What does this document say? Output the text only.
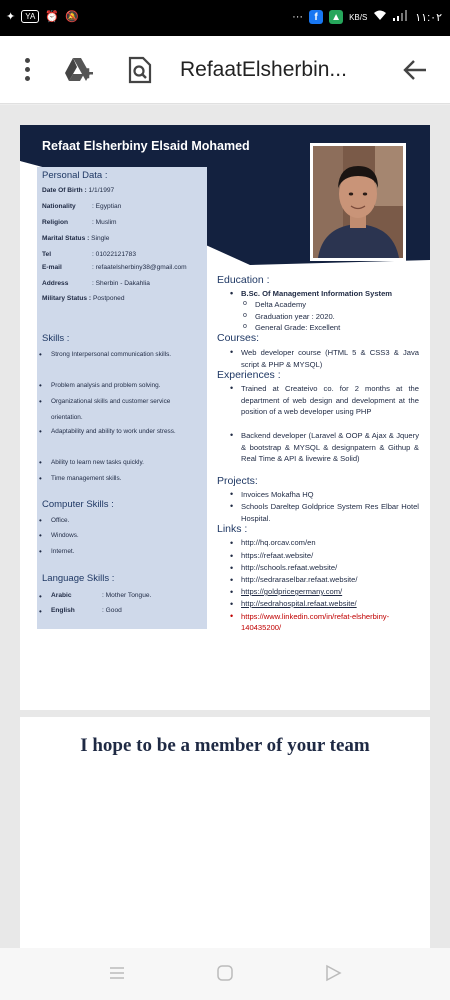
✦	YA ⏰ 🔕	···	f	▲ KB/S	١١:٠٢
RefaatElsherbin...
Refaat Elsherbiny Elsaid Mohamed
Personal Data :
Date Of Birth : 1/1/1997
Nationality : Egyptian
Religion	: Muslim
Marital Status : Single
Tel	: 01022121783
E-mail	: refaatelsherbiny38@gmail.com
Address	: Sherbin - Dakahlia
Military Status : Postponed
Skills :
• Strong Interpersonal communication skills.
• Problem analysis and problem solving.
• Organizational skills and customer service orientation.
• Adaptability and ability to work under stress.
• Ability to learn new tasks quickly.
• Time management skills.
Computer Skills :
• Office.
• Windows.
• Internet.
Language Skills :
• Arabic	: Mother Tongue.
• English	: Good
Education :
• B.Sc. Of Management Information System
o Delta Academy
o Graduation year : 2020.
o General Grade: Excellent
Courses:
• Web developer course (HTML 5 & CSS3 & Java script & PHP & MYSQL)
Experiences :
• Trained at Createivo co. for 2 months at the department of web design and development at the position of a web developer using PHP
• Backend developer (Laravel & OOP & Ajax & Jquery & bootstrap & MYSQL & designpatern & Githup & Real Time & API & livewire & Solid)
Projects:
• Invoices Mokafha HQ
• Schools Dareltep Goldprice System Res Elbar Hotel Hospital.
Links :
• http://hq.orcav.com/en
• https://refaat.website/
• http://schools.refaat.website/
• http://sedraraselbar.refaat.website/
• https://goldpricegermany.com/
• http://sedrahospital.refaat.website/
• https://www.linkedin.com/in/refat-elsherbiny-140435200/
I hope to be a member of your team
